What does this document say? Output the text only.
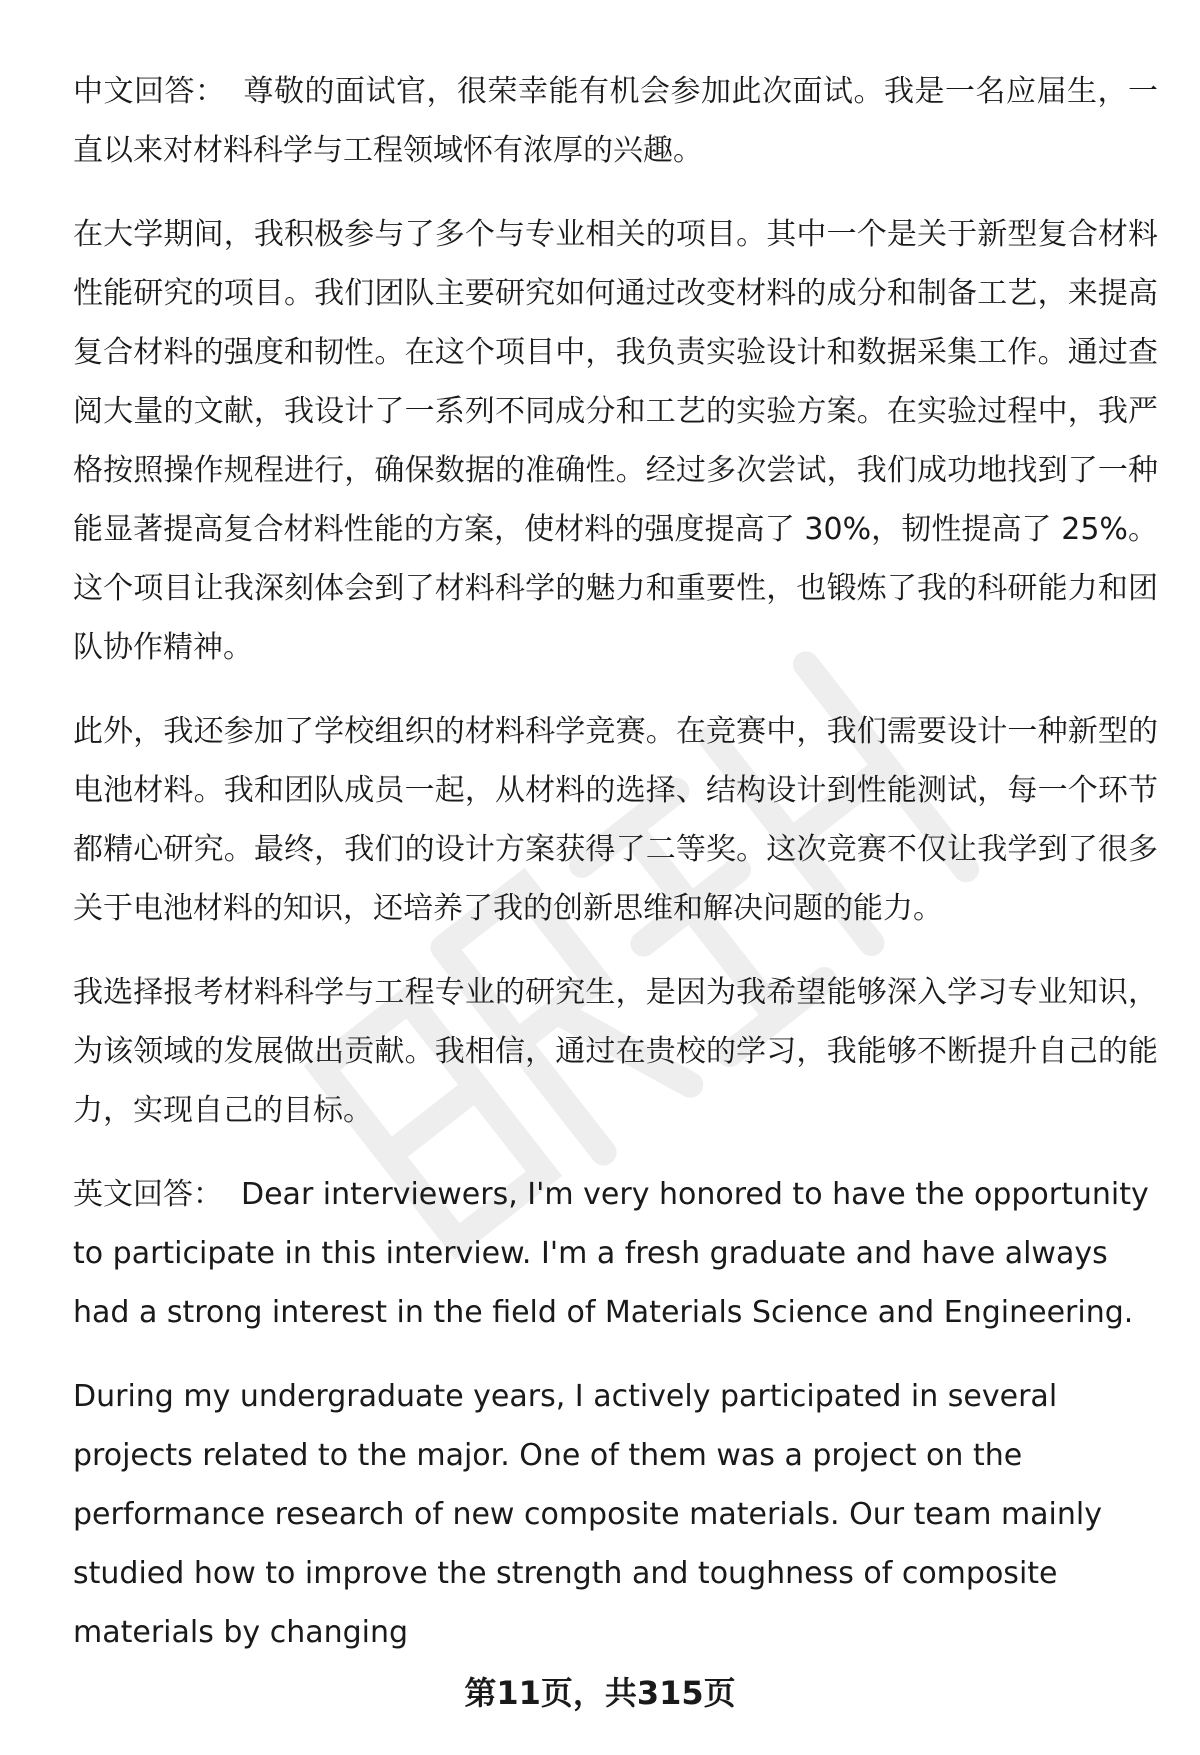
中文回答： 尊敬的面试官，很荣幸能有机会参加此次面试。我是一名应届生，一直以来对材料科学与工程领域怀有浓厚的兴趣。

在大学期间，我积极参与了多个与专业相关的项目。其中一个是关于新型复合材料性能研究的项目。我们团队主要研究如何通过改变材料的成分和制备工艺，来提高复合材料的强度和韧性。在这个项目中，我负责实验设计和数据采集工作。通过查阅大量的文献，我设计了一系列不同成分和工艺的实验方案。在实验过程中，我严格按照操作规程进行，确保数据的准确性。经过多次尝试，我们成功地找到了一种能显著提高复合材料性能的方案，使材料的强度提高了 30%，韧性提高了 25%。这个项目让我深刻体会到了材料科学的魅力和重要性，也锻炼了我的科研能力和团队协作精神。

此外，我还参加了学校组织的材料科学竞赛。在竞赛中，我们需要设计一种新型的电池材料。我和团队成员一起，从材料的选择、结构设计到性能测试，每一个环节都精心研究。最终，我们的设计方案获得了二等奖。这次竞赛不仅让我学到了很多关于电池材料的知识，还培养了我的创新思维和解决问题的能力。

我选择报考材料科学与工程专业的研究生，是因为我希望能够深入学习专业知识，为该领域的发展做出贡献。我相信，通过在贵校的学习，我能够不断提升自己的能力，实现自己的目标。

英文回答： Dear interviewers, I'm very honored to have the opportunity to participate in this interview. I'm a fresh graduate and have always had a strong interest in the field of Materials Science and Engineering.

During my undergraduate years, I actively participated in several projects related to the major. One of them was a project on the performance research of new composite materials. Our team mainly studied how to improve the strength and toughness of composite materials by changing

第11页，共315页
